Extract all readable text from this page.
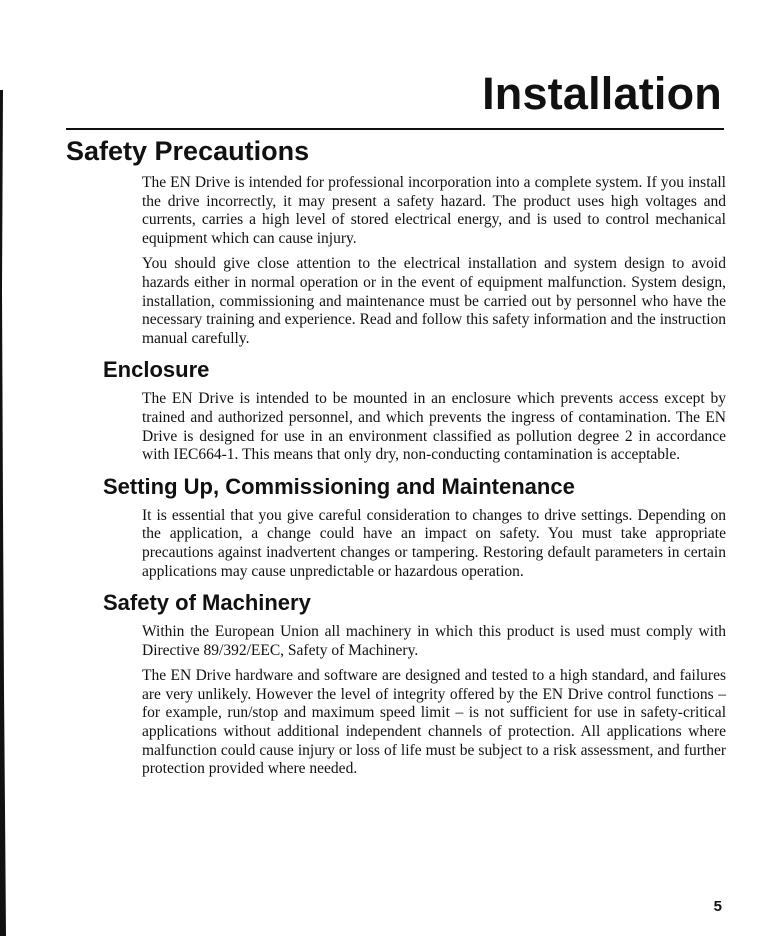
Installation
Safety Precautions

The EN Drive is intended for professional incorporation into a complete system. If you install the drive incorrectly, it may present a safety hazard. The product uses high voltages and currents, carries a high level of stored electrical energy, and is used to control mechanical equipment which can cause injury.

You should give close attention to the electrical installation and system design to avoid hazards either in normal operation or in the event of equipment malfunction. System design, installation, commissioning and maintenance must be carried out by personnel who have the necessary training and experience. Read and follow this safety information and the instruction manual carefully.

Enclosure

The EN Drive is intended to be mounted in an enclosure which prevents access except by trained and authorized personnel, and which prevents the ingress of contamination. The EN Drive is designed for use in an environment classified as pollution degree 2 in accordance with IEC664-1. This means that only dry, non-conducting contamination is acceptable.

Setting Up, Commissioning and Maintenance

It is essential that you give careful consideration to changes to drive settings. Depending on the application, a change could have an impact on safety. You must take appropriate precautions against inadvertent changes or tampering. Restoring default parameters in certain applications may cause unpredictable or hazardous operation.

Safety of Machinery

Within the European Union all machinery in which this product is used must comply with Directive 89/392/EEC, Safety of Machinery.

The EN Drive hardware and software are designed and tested to a high standard, and failures are very unlikely. However the level of integrity offered by the EN Drive control functions – for example, run/stop and maximum speed limit – is not sufficient for use in safety-critical applications without additional independent channels of protection. All applications where malfunction could cause injury or loss of life must be subject to a risk assessment, and further protection provided where needed.

5
